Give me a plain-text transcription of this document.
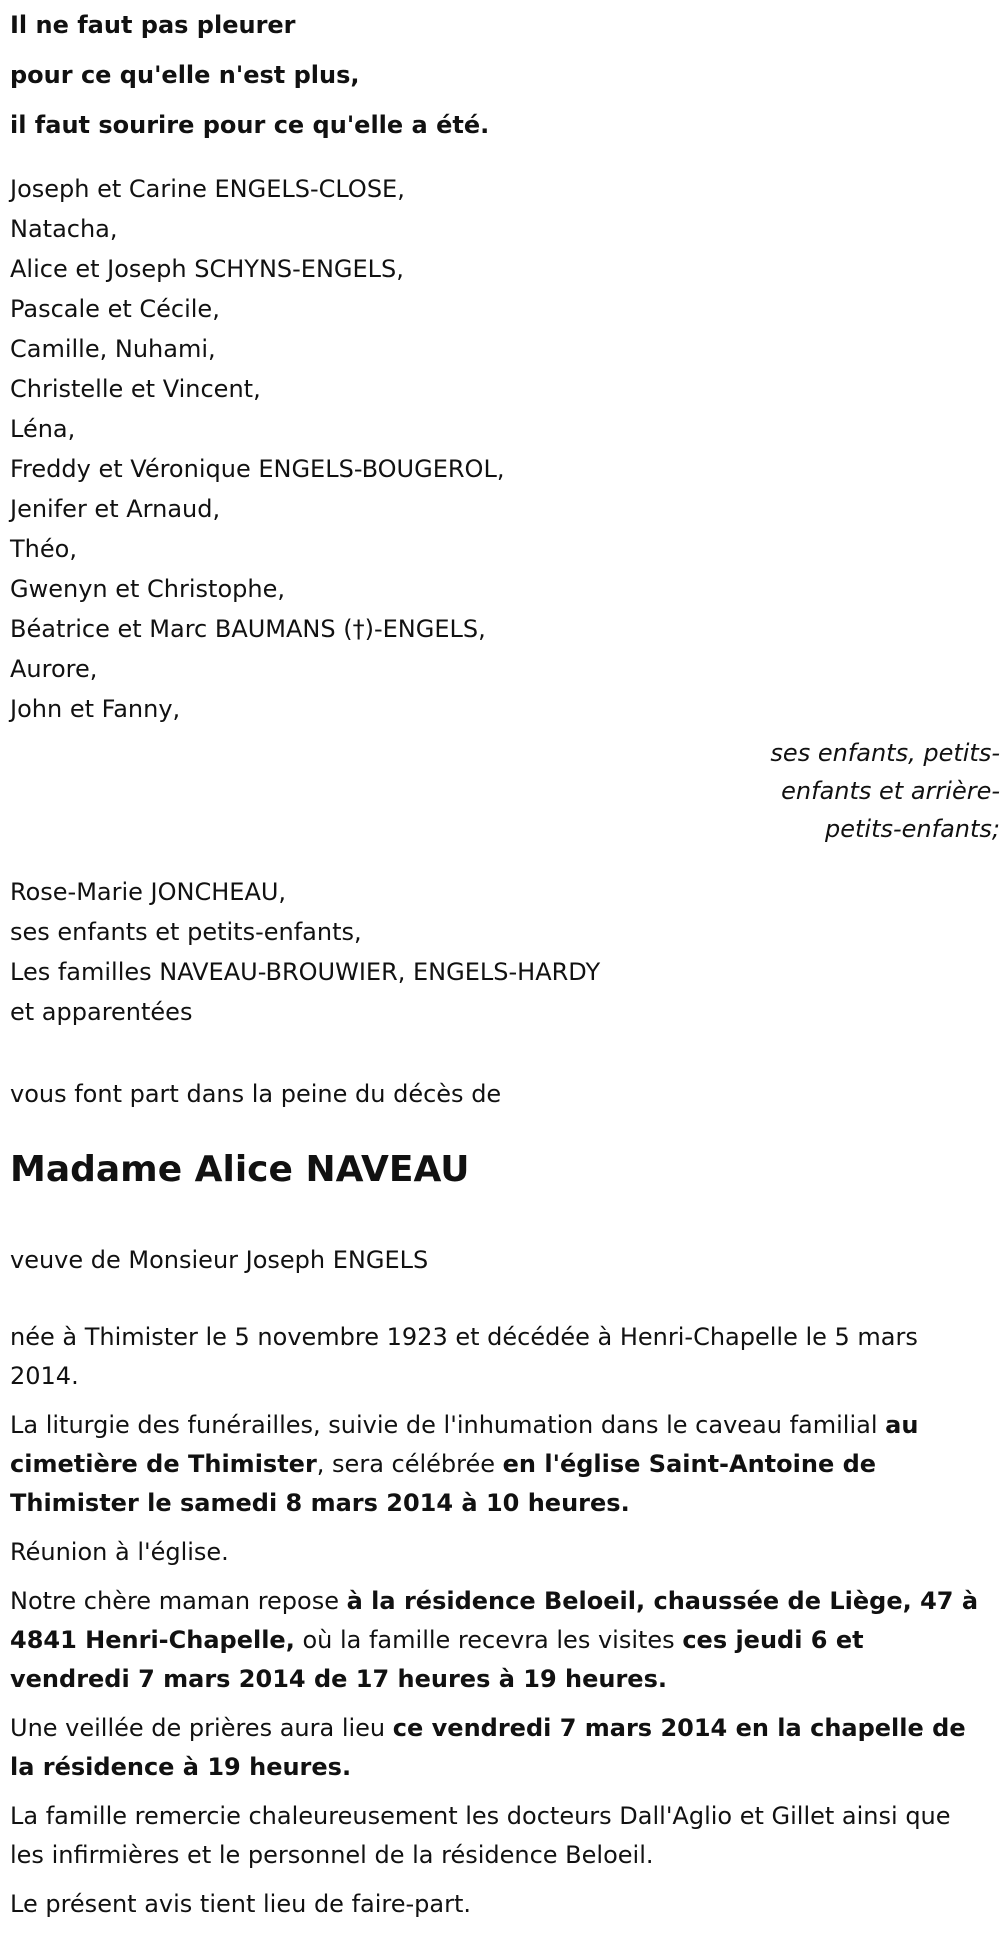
Il ne faut pas pleurer
pour ce qu'elle n'est plus,
il faut sourire pour ce qu'elle a été.
Joseph et Carine ENGELS-CLOSE,
Natacha,
Alice et Joseph SCHYNS-ENGELS,
Pascale et Cécile,
Camille, Nuhami,
Christelle et Vincent,
Léna,
Freddy et Véronique ENGELS-BOUGEROL,
Jenifer et Arnaud,
Théo,
Gwenyn et Christophe,
Béatrice et Marc BAUMANS (†)-ENGELS,
Aurore,
John et Fanny,
ses enfants, petits-enfants et arrière-petits-enfants;
Rose-Marie JONCHEAU,
ses enfants et petits-enfants,
Les familles NAVEAU-BROUWIER, ENGELS-HARDY
et apparentées
vous font part dans la peine du décès de
Madame Alice NAVEAU
veuve de Monsieur Joseph ENGELS

née à Thimister le 5 novembre 1923 et décédée à Henri-Chapelle le 5 mars 2014.

La liturgie des funérailles, suivie de l'inhumation dans le caveau familial au cimetière de Thimister, sera célébrée en l'église Saint-Antoine de Thimister le samedi 8 mars 2014 à 10 heures.

Réunion à l'église.

Notre chère maman repose à la résidence Beloeil, chaussée de Liège, 47 à 4841 Henri-Chapelle, où la famille recevra les visites ces jeudi 6 et vendredi 7 mars 2014 de 17 heures à 19 heures.

Une veillée de prières aura lieu ce vendredi 7 mars 2014 en la chapelle de la résidence à 19 heures.

La famille remercie chaleureusement les docteurs Dall'Aglio et Gillet ainsi que les infirmières et le personnel de la résidence Beloeil.

Le présent avis tient lieu de faire-part.
